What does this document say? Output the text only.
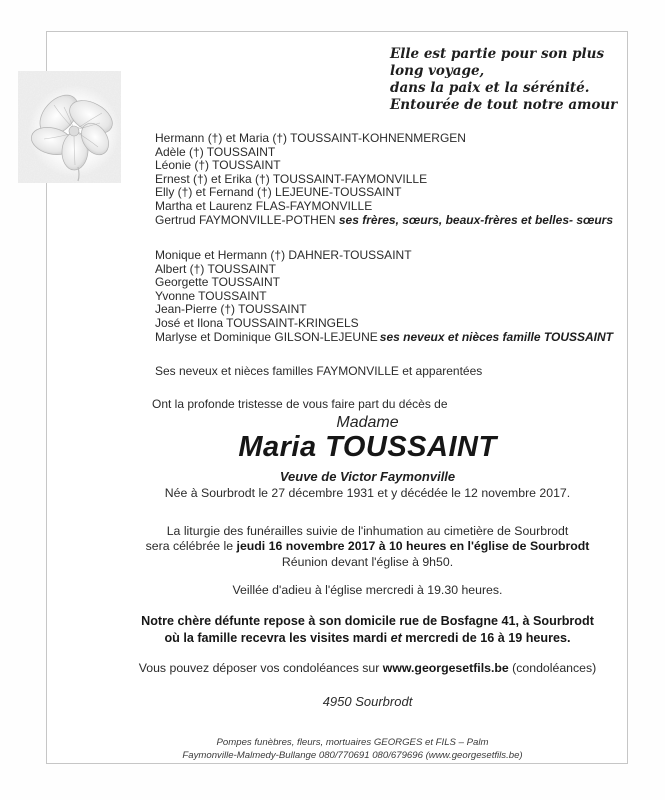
Elle est partie pour son plus long voyage,
dans la paix et la sérénité.
Entourée de tout notre amour
Hermann (†) et Maria (†) TOUSSAINT-KOHNENMERGEN
Adèle (†) TOUSSAINT
Léonie (†) TOUSSAINT
Ernest (†) et Erika (†) TOUSSAINT-FAYMONVILLE
Elly (†) et Fernand (†) LEJEUNE-TOUSSAINT
Martha et Laurenz FLAS-FAYMONVILLE
Gertrud FAYMONVILLE-POTHEN ses frères, sœurs, beaux-frères et belles- sœurs
Monique et Hermann (†) DAHNER-TOUSSAINT
Albert (†) TOUSSAINT
Georgette TOUSSAINT
Yvonne TOUSSAINT
Jean-Pierre (†) TOUSSAINT
José et Ilona TOUSSAINT-KRINGELS
Marlyse et Dominique GILSON-LEJEUNE ses neveux et nièces famille TOUSSAINT
Ses neveux et nièces familles FAYMONVILLE et apparentées
Ont la profonde tristesse de vous faire part du décès de
Madame
Maria TOUSSAINT
Veuve de Victor Faymonville
Née à Sourbrodt le 27 décembre 1931 et y décédée le 12 novembre 2017.
La liturgie des funérailles suivie de l'inhumation au cimetière de Sourbrodt
sera célébrée le jeudi 16 novembre 2017 à 10 heures en l'église de Sourbrodt
Réunion devant l'église à 9h50.
Veillée d'adieu à l'église mercredi à 19.30 heures.
Notre chère défunte repose à son domicile rue de Bosfagne 41, à Sourbrodt
où la famille recevra les visites mardi et mercredi de 16 à 19 heures.
Vous pouvez déposer vos condoléances sur www.georgesetfils.be (condoléances)
4950 Sourbrodt
Pompes funèbres, fleurs, mortuaires GEORGES et FILS – Palm
Faymonville-Malmedy-Bullange 080/770691 080/679696 (www.georgesetfils.be)
